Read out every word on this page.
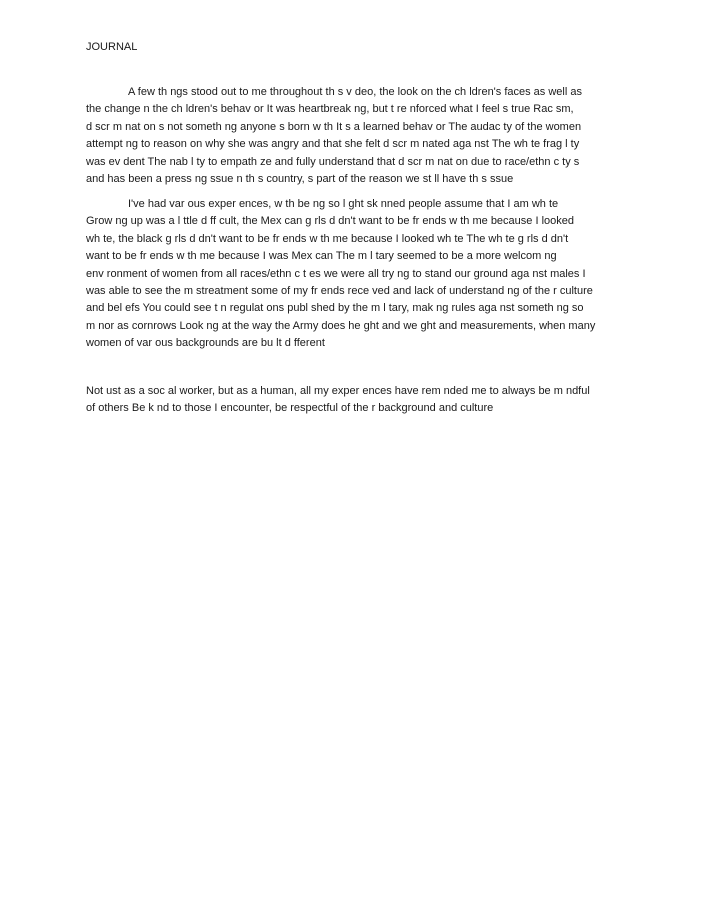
JOURNAL
A few th ngs stood out to me throughout th s v deo, the look on the ch ldren's faces as well as
the change n the ch ldren's behav or It was heartbreak ng, but t re nforced what I feel s true Rac sm,
d scr m nat on s not someth ng anyone s born w th It s a learned behav or The audac ty of the women
attempt ng to reason on why she was angry and that she felt d scr m nated aga nst The wh te frag l ty
was ev dent The nab l ty to empath ze and fully understand that d scr m nat on due to race/ethn c ty s
and has been a press ng ssue n th s country, s part of the reason we st ll have th s ssue
I've had var ous exper ences, w th be ng so l ght sk nned people assume that I am wh te
Grow ng up was a l ttle d ff cult, the Mex can g rls d dn't want to be fr ends w th me because I looked
wh te, the black g rls d dn't want to be fr ends w th me because I looked wh te The wh te g rls d dn't
want to be fr ends w th me because I was Mex can The m l tary seemed to be a more welcom ng
env ronment of women from all races/ethn c t es we were all try ng to stand our ground aga nst males I
was able to see the m streatment some of my fr ends rece ved and lack of understand ng of the r culture
and bel efs You could see t n regulat ons publ shed by the m l tary, mak ng rules aga nst someth ng so
m nor as cornrows Look ng at the way the Army does he ght and we ght and measurements, when many
women of var ous backgrounds are bu lt d fferent
Not ust as a soc al worker, but as a human, all my exper ences have rem nded me to always be m ndful
of others Be k nd to those I encounter, be respectful of the r background and culture
